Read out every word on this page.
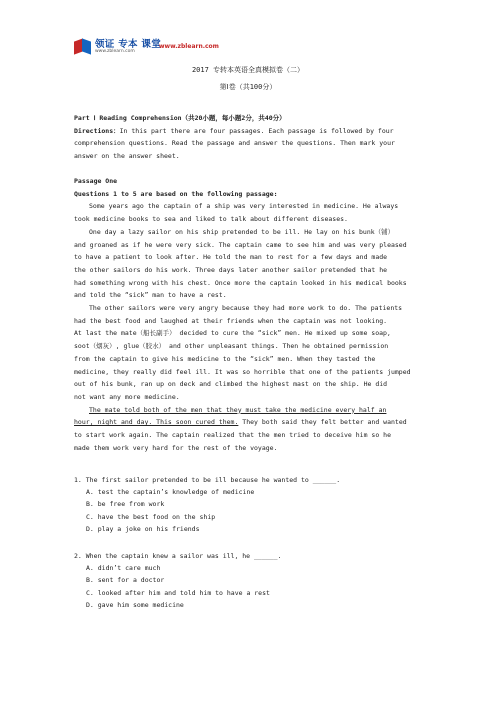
领证 专本 课堂
www.zblearn.com
www.zblearn.com
2017 专转本英语全真模拟卷（二）
第Ⅰ卷（共100分）
Part Ⅰ Reading Comprehension（共20小题，每小题2分，共40分）
Directions：In this part there are four passages. Each passage is followed by four
comprehension questions. Read the passage and answer the questions. Then mark your
answer on the answer sheet.
Passage One
Questions 1 to 5 are based on the following passage:
Some years ago the captain of a ship was very interested in medicine. He always
took medicine books to sea and liked to talk about different diseases.
One day a lazy sailor on his ship pretended to be ill. He lay on his bunk（铺）
and groaned as if he were very sick. The captain came to see him and was very pleased
to have a patient to look after. He told the man to rest for a few days and made
the other sailors do his work. Three days later another sailor pretended that he
had something wrong with his chest. Once more the captain looked in his medical books
and told the “sick” man to have a rest.
The other sailors were very angry because they had more work to do. The patients
had the best food and laughed at their friends when the captain was not looking.
At last the mate（船长副手） decided to cure the “sick” men. He mixed up some soap,
soot（烟灰）, glue（胶水） and other unpleasant things. Then he obtained permission
from the captain to give his medicine to the “sick” men. When they tasted the
medicine, they really did feel ill. It was so horrible that one of the patients jumped
out of his bunk, ran up on deck and climbed the highest mast on the ship. He did
not want any more medicine.
The mate told both of the men that they must take the medicine every half an
hour, night and day. This soon cured them. They both said they felt better and wanted
to start work again. The captain realized that the men tried to deceive him so he
made them work very hard for the rest of the voyage.
1. The first sailor pretended to be ill because he wanted to ______.
A. test the captain’s knowledge of medicine
B. be free from work
C. have the best food on the ship
D. play a joke on his friends
2. When the captain knew a sailor was ill, he ______.
A. didn’t care much
B. sent for a doctor
C. looked after him and told him to have a rest
D. gave him some medicine
